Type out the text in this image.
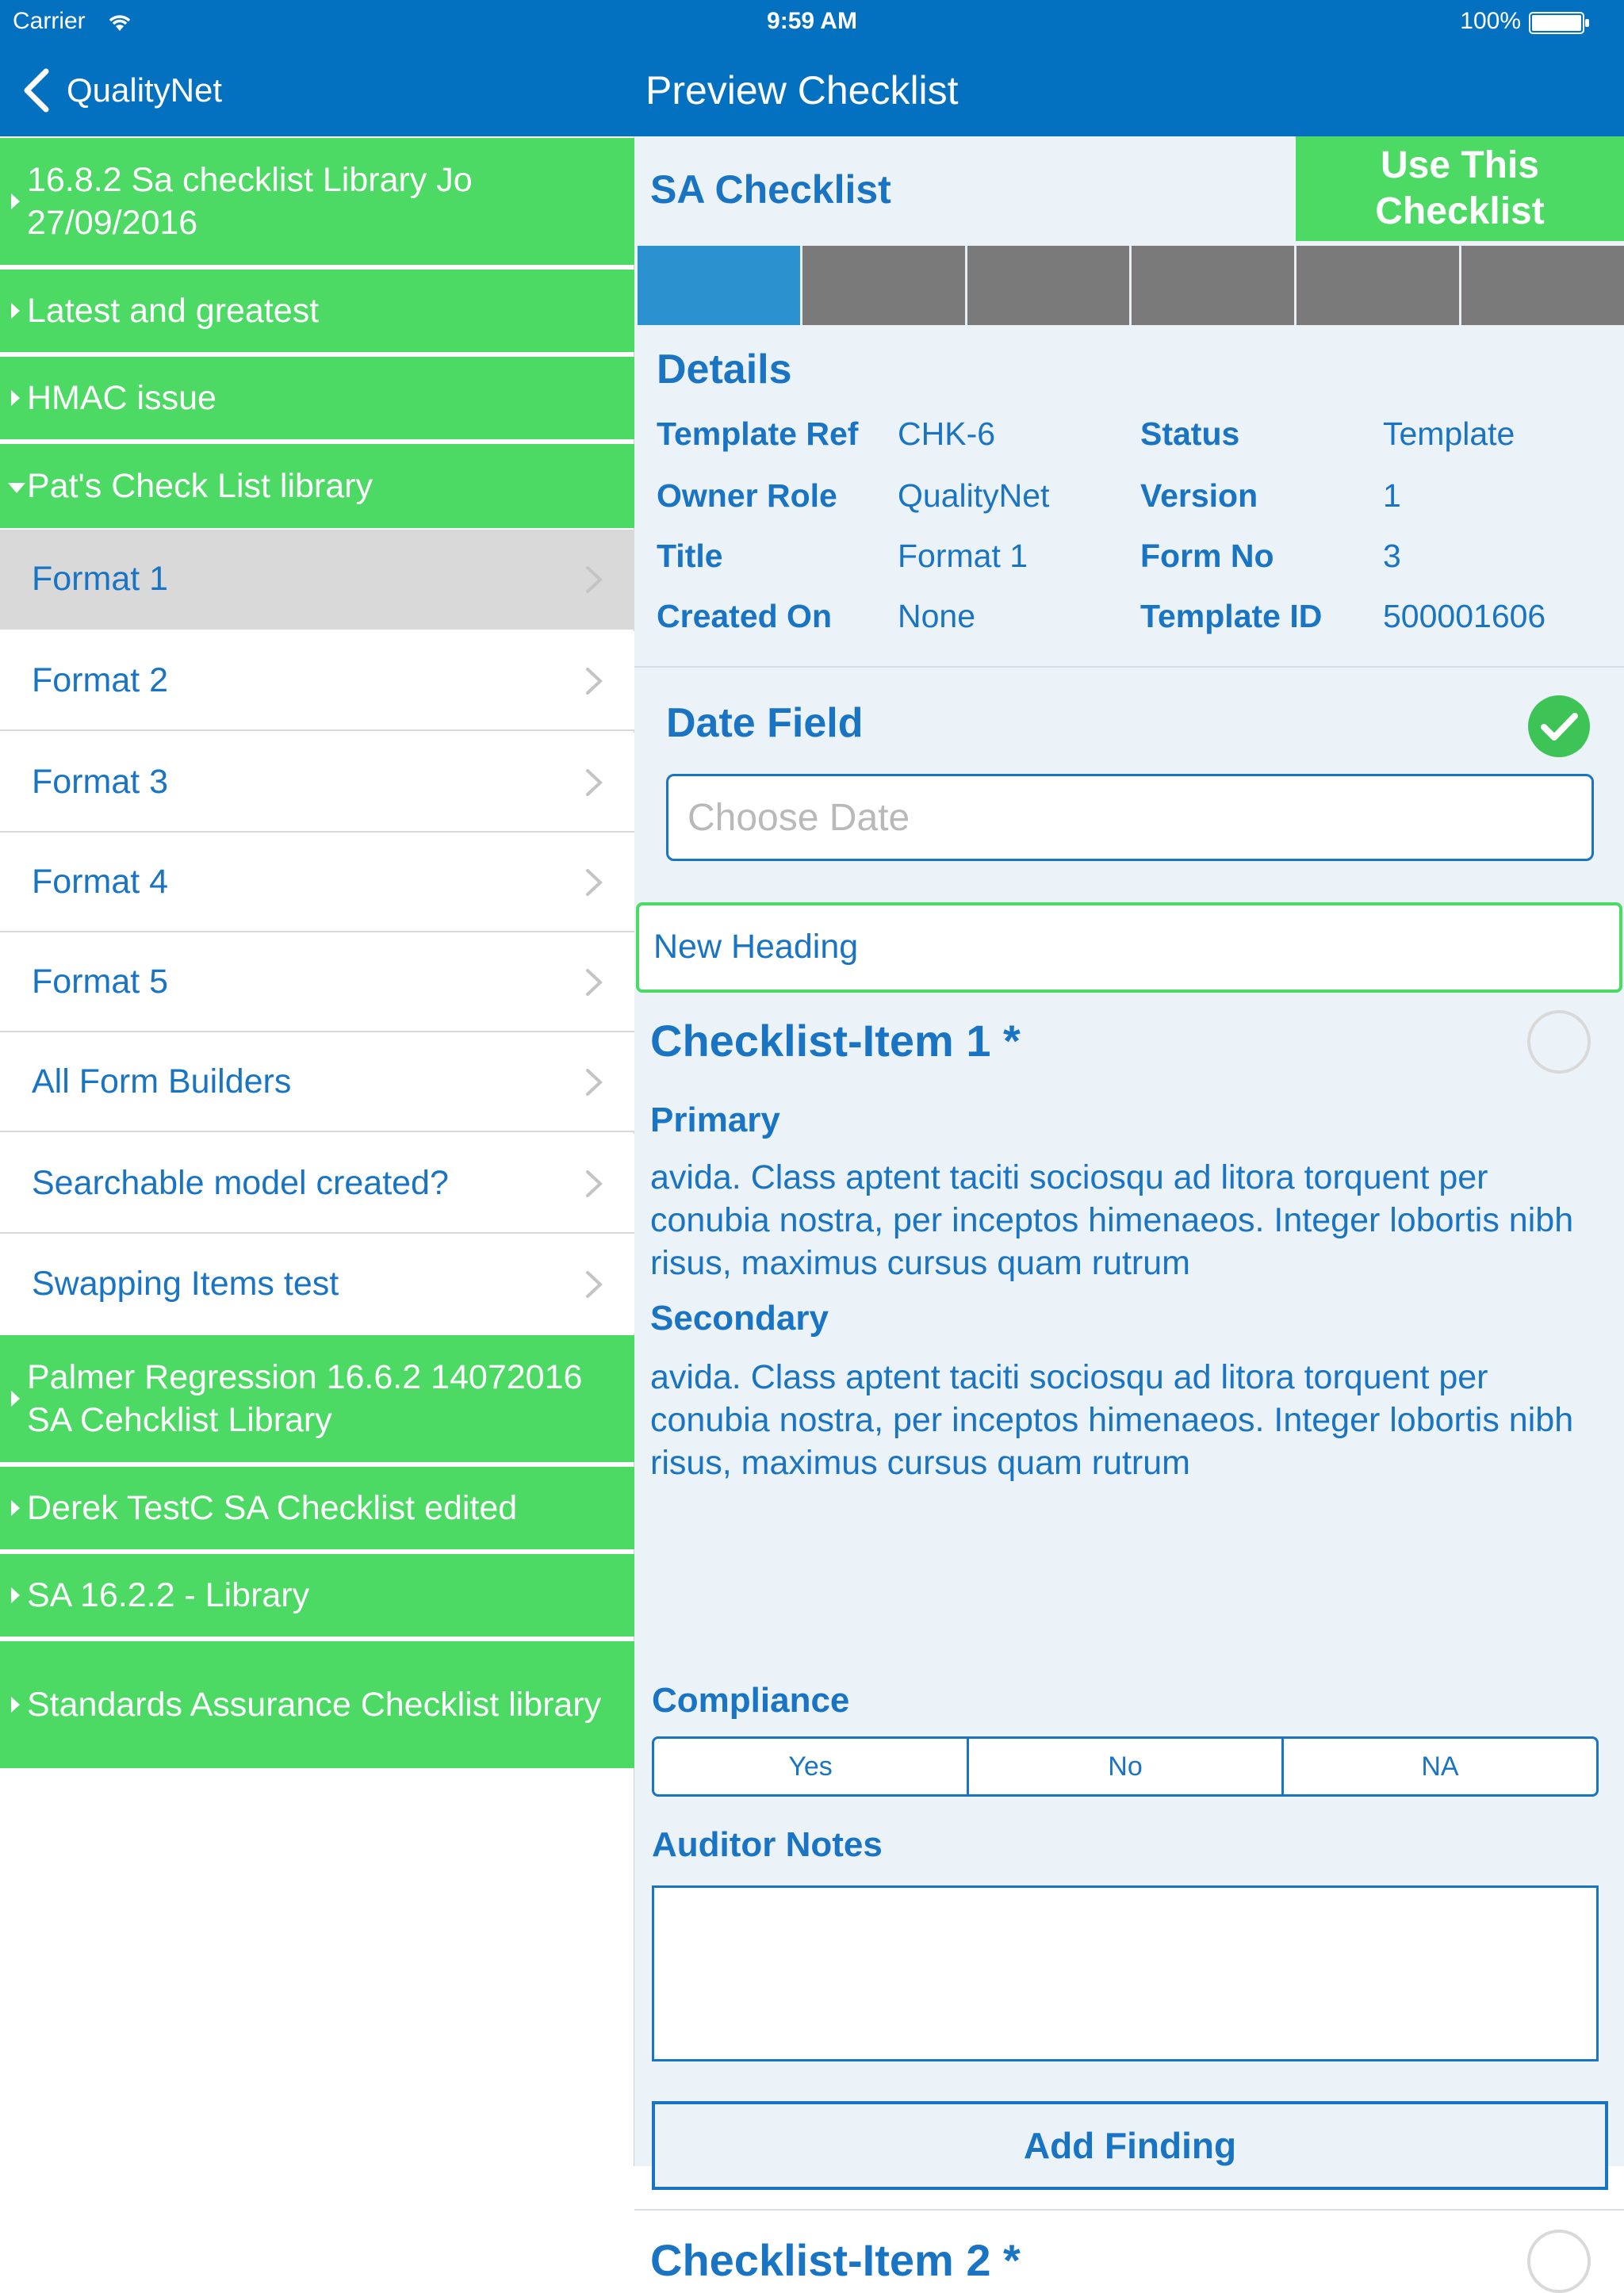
Carrier	9:59 AM	100%
QualityNet	Preview Checklist
16.8.2 Sa checklist Library Jo 27/09/2016
Latest and greatest
HMAC issue
Pat's Check List library
Format 1
Format 2
Format 3
Format 4
Format 5
All Form Builders
Searchable model created?
Swapping Items test
Palmer Regression 16.6.2 14072016 SA Cehcklist Library
Derek TestC SA Checklist edited
SA 16.2.2 - Library
Standards Assurance Checklist library
SA Checklist
Use This Checklist
Details
Template Ref CHK-6	Status	Template
Owner Role QualityNet	Version	1
Title	Format 1	Form No	3
Created On None	Template ID 500001606
Date Field
Choose Date
New Heading
Checklist-Item 1 *
Primary
avida. Class aptent taciti sociosqu ad litora torquent per conubia nostra, per inceptos himenaeos. Integer lobortis nibh risus, maximus cursus quam rutrum
Secondary
avida. Class aptent taciti sociosqu ad litora torquent per conubia nostra, per inceptos himenaeos. Integer lobortis nibh risus, maximus cursus quam rutrum
Compliance
Yes	No	NA
Auditor Notes
Add Finding
Checklist-Item 2 *
